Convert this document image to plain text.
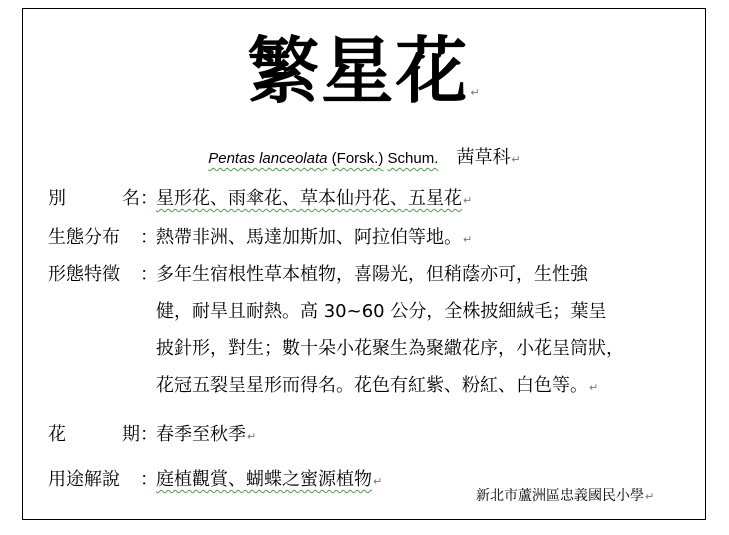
繁星花↵
Pentas lanceolata (Forsk.) Schum. 茜草科↵
別	名 ：
星形花、雨傘花、草本仙丹花、五星花↵
生態分布	：
熱帶非洲、馬達加斯加、阿拉伯等地。↵
形態特徵	：
多年生宿根性草本植物，喜陽光，但稍蔭亦可，生性強
健，耐旱且耐熱。高 30~60 公分，全株披細絨毛；葉呈
披針形，對生；數十朵小花聚生為聚繖花序，小花呈筒狀，
花冠五裂呈星形而得名。花色有紅紫、粉紅、白色等。↵
花	期 ：
春季至秋季↵
用途解說	：
庭植觀賞、蝴蝶之蜜源植物↵
新北市蘆洲區忠義國民小學↵
